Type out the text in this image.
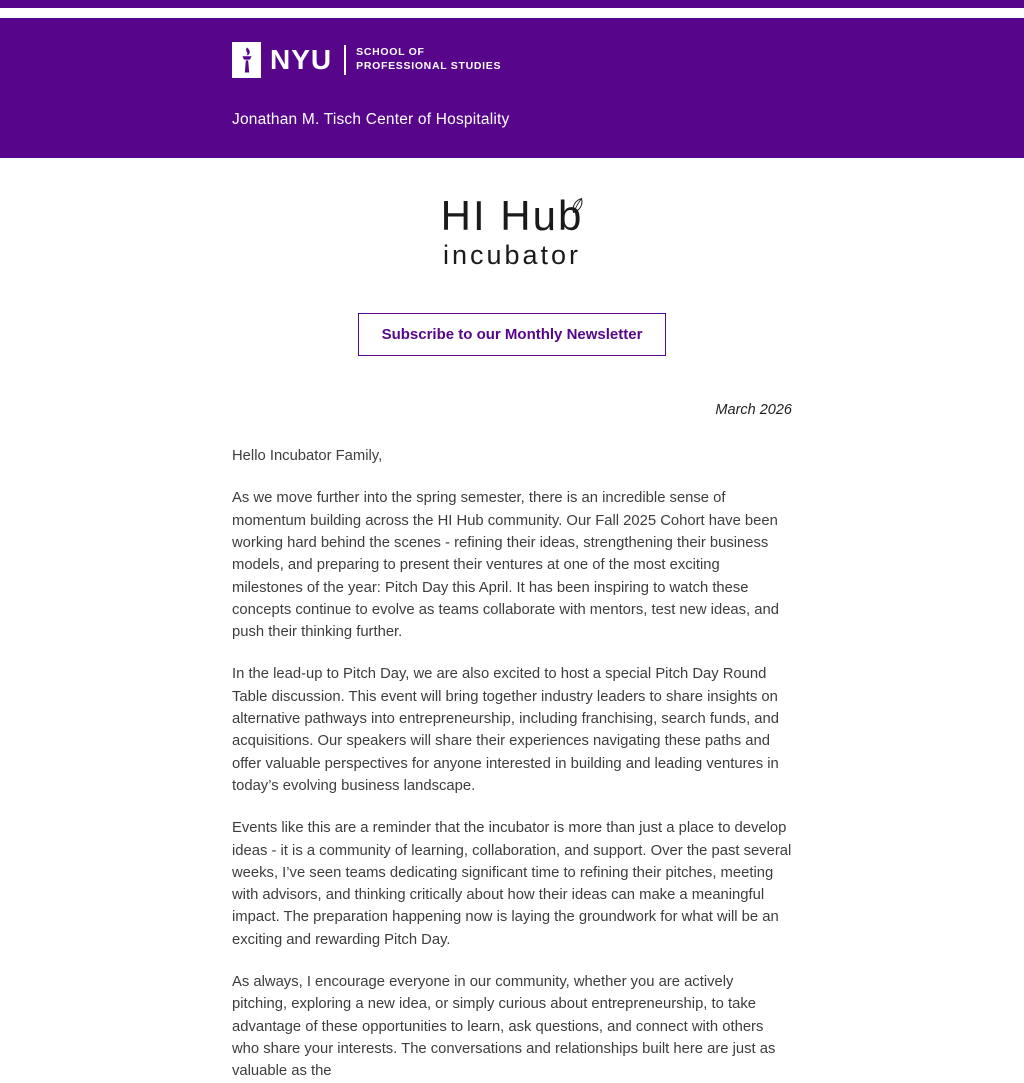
NYU SCHOOL OF
PROFESSIONAL STUDIES
Jonathan M. Tisch Center of Hospitality
HI Hub
incubator
Subscribe to our Monthly Newsletter
March 2026

Hello Incubator Family,

As we move further into the spring semester, there is an incredible sense of momentum building across the HI Hub community. Our Fall 2025 Cohort have been working hard behind the scenes - refining their ideas, strengthening their business models, and preparing to present their ventures at one of the most exciting milestones of the year: Pitch Day this April. It has been inspiring to watch these concepts continue to evolve as teams collaborate with mentors, test new ideas, and push their thinking further.

In the lead-up to Pitch Day, we are also excited to host a special Pitch Day Round Table discussion. This event will bring together industry leaders to share insights on alternative pathways into entrepreneurship, including franchising, search funds, and acquisitions. Our speakers will share their experiences navigating these paths and offer valuable perspectives for anyone interested in building and leading ventures in today’s evolving business landscape.

Events like this are a reminder that the incubator is more than just a place to develop ideas - it is a community of learning, collaboration, and support. Over the past several weeks, I’ve seen teams dedicating significant time to refining their pitches, meeting with advisors, and thinking critically about how their ideas can make a meaningful impact. The preparation happening now is laying the groundwork for what will be an exciting and rewarding Pitch Day.

As always, I encourage everyone in our community, whether you are actively pitching, exploring a new idea, or simply curious about entrepreneurship, to take advantage of these opportunities to learn, ask questions, and connect with others who share your interests. The conversations and relationships built here are just as valuable as the
